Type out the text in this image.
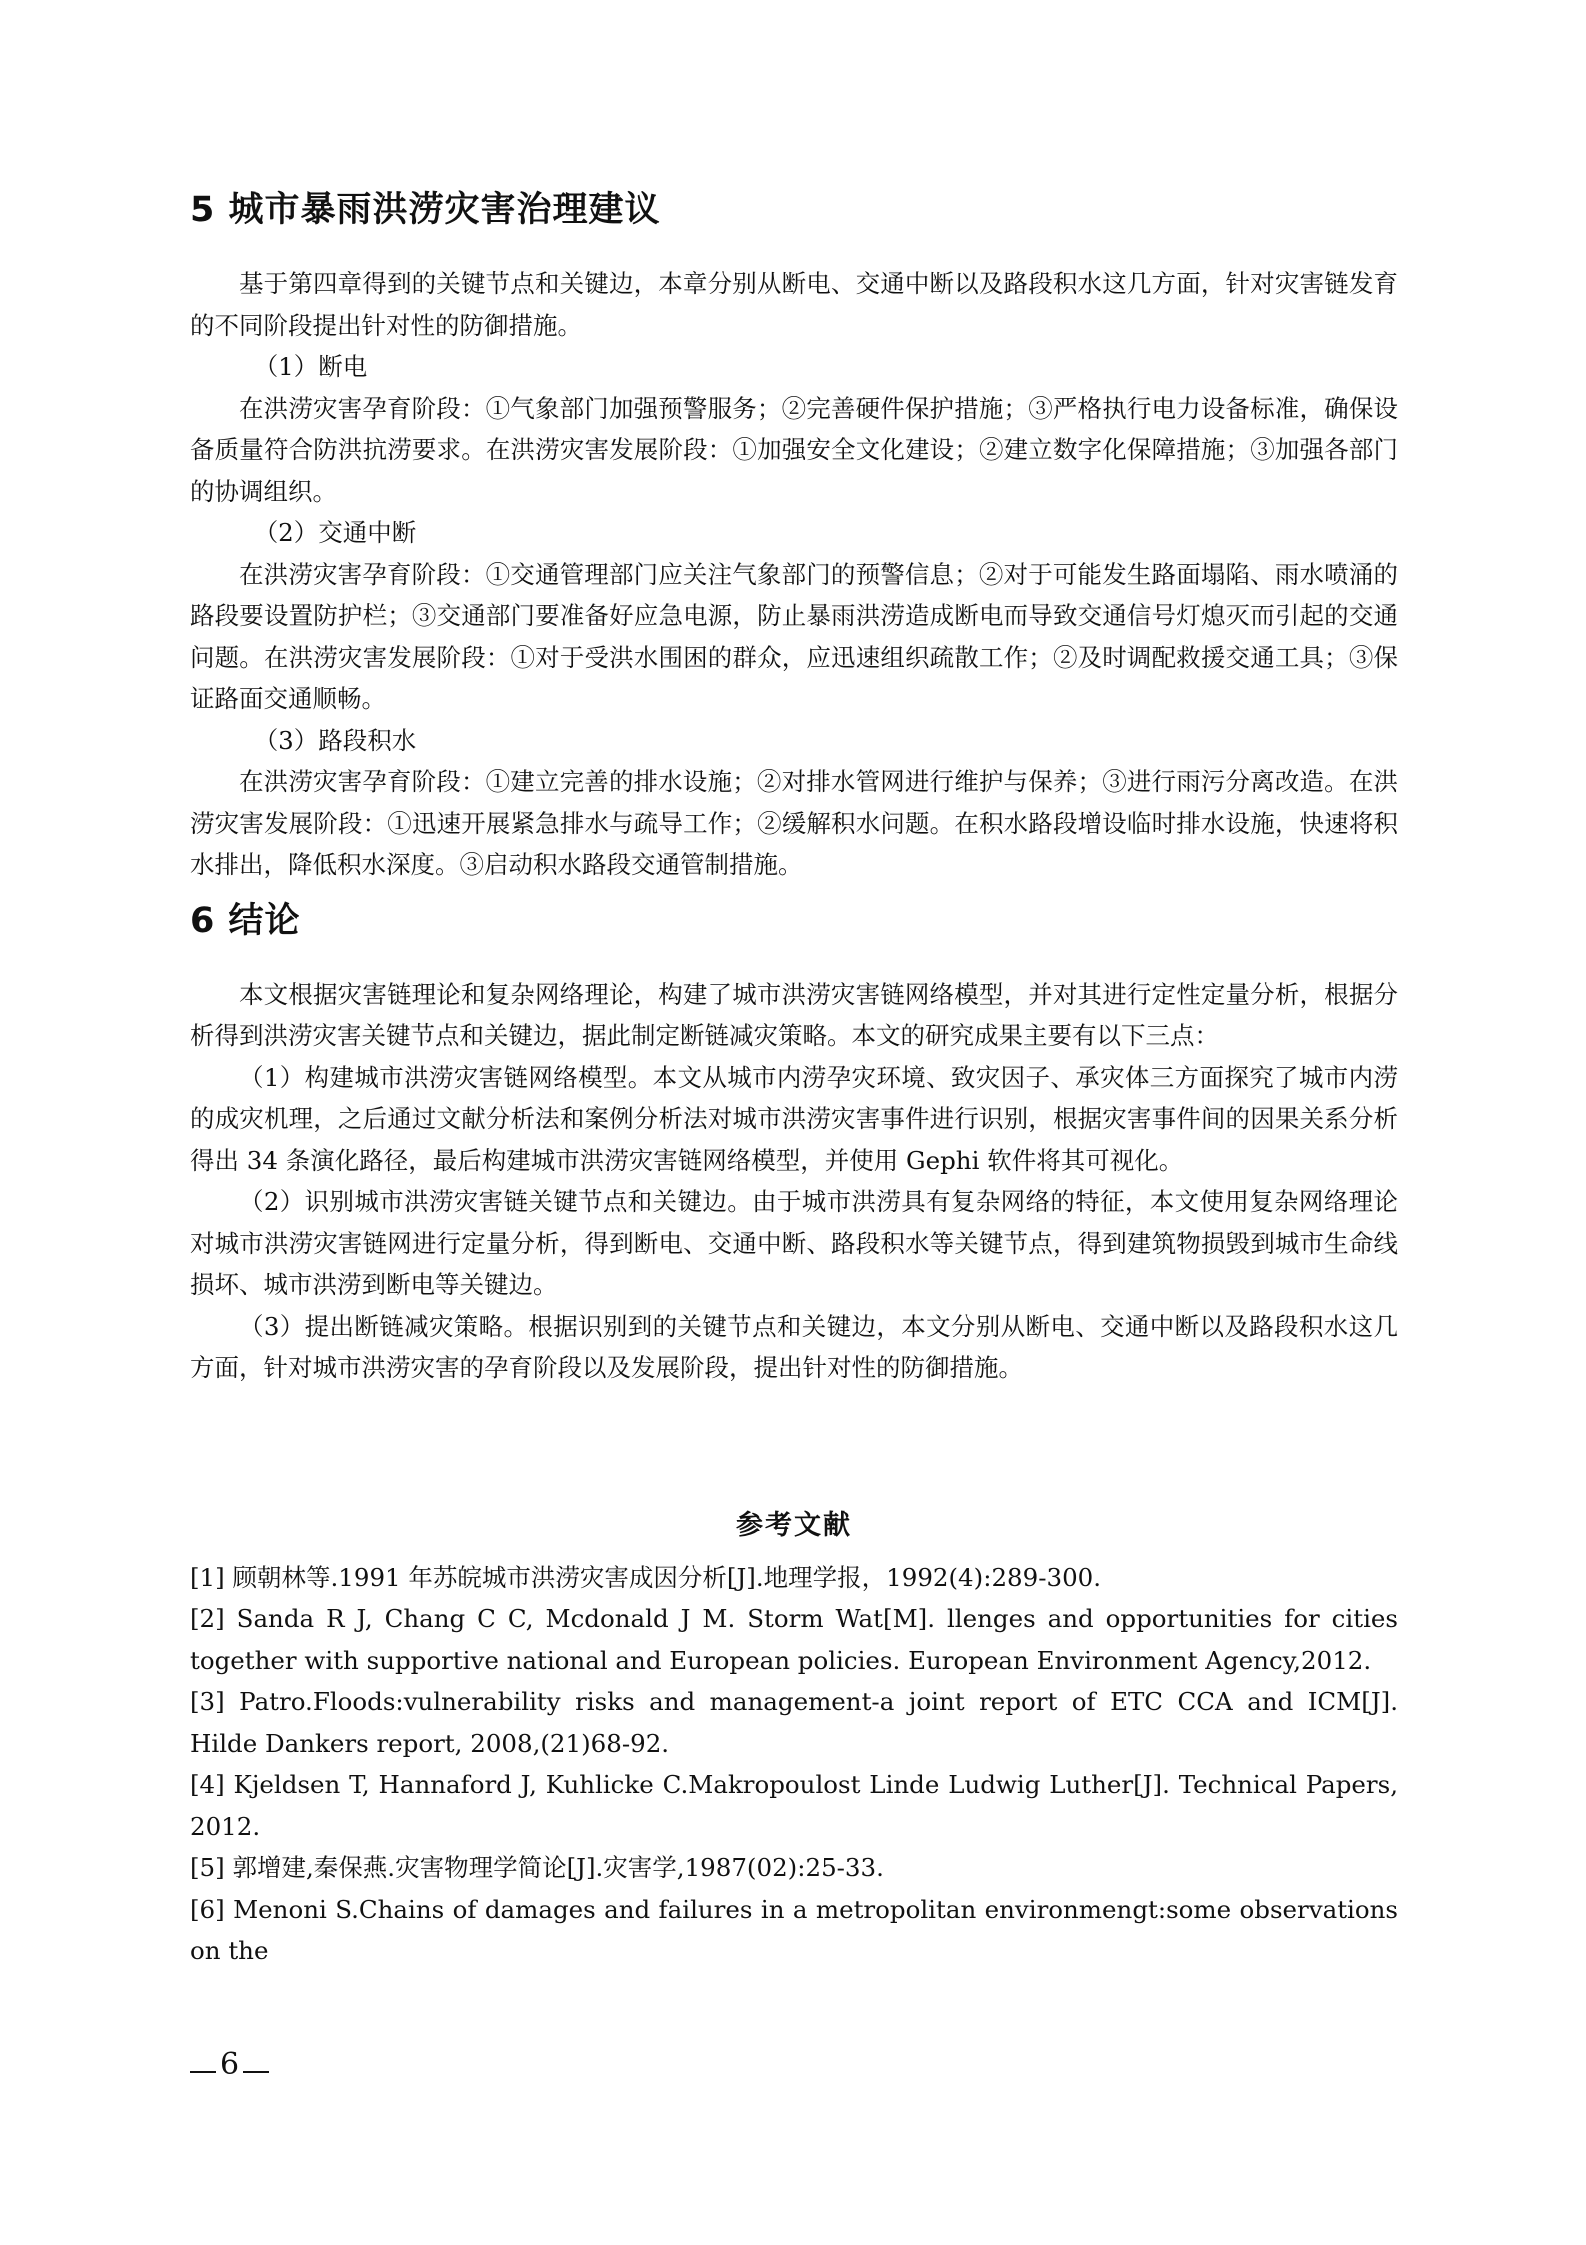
5 城市暴雨洪涝灾害治理建议

基于第四章得到的关键节点和关键边，本章分别从断电、交通中断以及路段积水这几方面，针对灾害链发育的不同阶段提出针对性的防御措施。

（1）断电

在洪涝灾害孕育阶段：①气象部门加强预警服务；②完善硬件保护措施；③严格执行电力设备标准，确保设备质量符合防洪抗涝要求。在洪涝灾害发展阶段：①加强安全文化建设；②建立数字化保障措施；③加强各部门的协调组织。

（2）交通中断

在洪涝灾害孕育阶段：①交通管理部门应关注气象部门的预警信息；②对于可能发生路面塌陷、雨水喷涌的路段要设置防护栏；③交通部门要准备好应急电源，防止暴雨洪涝造成断电而导致交通信号灯熄灭而引起的交通问题。在洪涝灾害发展阶段：①对于受洪水围困的群众，应迅速组织疏散工作；②及时调配救援交通工具；③保证路面交通顺畅。

（3）路段积水

在洪涝灾害孕育阶段：①建立完善的排水设施；②对排水管网进行维护与保养；③进行雨污分离改造。在洪涝灾害发展阶段：①迅速开展紧急排水与疏导工作；②缓解积水问题。在积水路段增设临时排水设施，快速将积水排出，降低积水深度。③启动积水路段交通管制措施。

6 结论

本文根据灾害链理论和复杂网络理论，构建了城市洪涝灾害链网络模型，并对其进行定性定量分析，根据分析得到洪涝灾害关键节点和关键边，据此制定断链减灾策略。本文的研究成果主要有以下三点：

（1）构建城市洪涝灾害链网络模型。本文从城市内涝孕灾环境、致灾因子、承灾体三方面探究了城市内涝的成灾机理，之后通过文献分析法和案例分析法对城市洪涝灾害事件进行识别，根据灾害事件间的因果关系分析得出 34 条演化路径，最后构建城市洪涝灾害链网络模型，并使用 Gephi 软件将其可视化。

（2）识别城市洪涝灾害链关键节点和关键边。由于城市洪涝具有复杂网络的特征，本文使用复杂网络理论对城市洪涝灾害链网进行定量分析，得到断电、交通中断、路段积水等关键节点，得到建筑物损毁到城市生命线损坏、城市洪涝到断电等关键边。

（3）提出断链减灾策略。根据识别到的关键节点和关键边，本文分别从断电、交通中断以及路段积水这几方面，针对城市洪涝灾害的孕育阶段以及发展阶段，提出针对性的防御措施。

参考文献
[1] 顾朝林等.1991 年苏皖城市洪涝灾害成因分析[J].地理学报，1992(4):289-300.
[2] Sanda R J, Chang C C, Mcdonald J M. Storm Wat[M]. llenges and opportunities for cities together with supportive national and European policies. European Environment Agency,2012.
[3] Patro.Floods:vulnerability risks and management-a joint report of ETC CCA and ICM[J]. Hilde Dankers report, 2008,(21)68-92.
[4] Kjeldsen T, Hannaford J, Kuhlicke C.Makropoulost Linde Ludwig Luther[J]. Technical Papers, 2012.
[5] 郭增建,秦保燕.灾害物理学简论[J].灾害学,1987(02):25-33.
[6] Menoni S.Chains of damages and failures in a metropolitan environmengt:some observations on the
6
